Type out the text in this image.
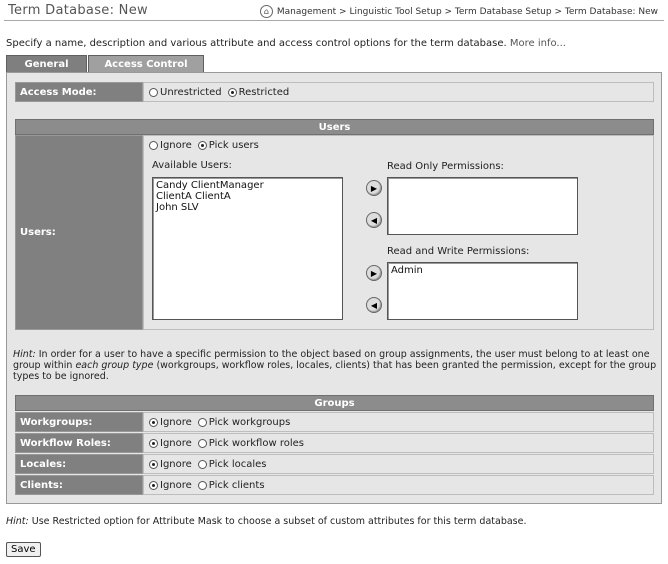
Term Database: New	⌂ Management > Linguistic Tool Setup > Term Database Setup > Term Database: New
Specify a name, description and various attribute and access control options for the term database. More info...
General	Access Control
Access Mode:	Unrestricted Restricted
Users
Users:
Ignore Pick users
Available Users:
Candy ClientManager
ClientA ClientA
John SLV
▶
◀
Read Only Permissions:
▶
◀
Read and Write Permissions:
Admin
Hint: In order for a user to have a specific permission to the object based on group assignments, the user must belong to at least one group within each group type (workgroups, workflow roles, locales, clients) that has been granted the permission, except for the group types to be ignored.
Groups
Workgroups:	Ignore Pick workgroups
Workflow Roles:	Ignore Pick workflow roles
Locales:	Ignore Pick locales
Clients:	Ignore Pick clients
Hint: Use Restricted option for Attribute Mask to choose a subset of custom attributes for this term database.
Save
